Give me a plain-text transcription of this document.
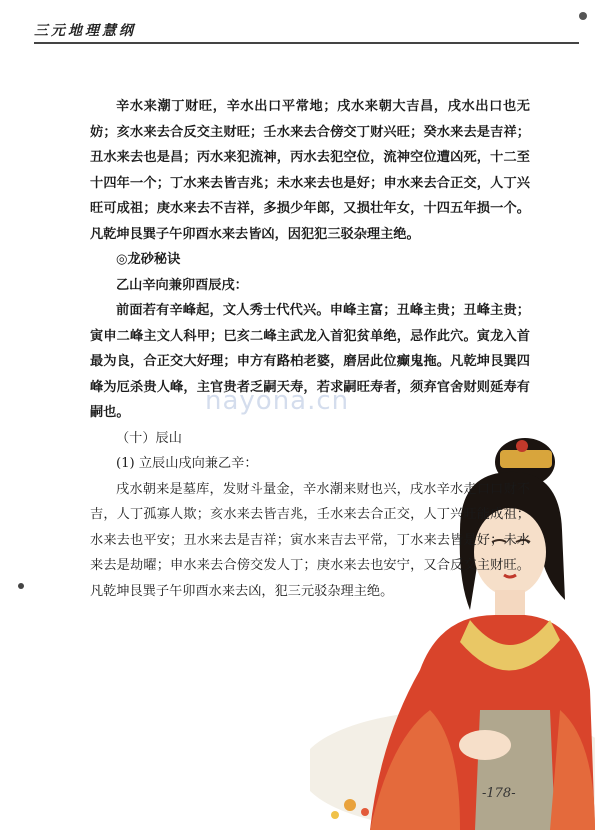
三元地理慧纲
nayona.cn

辛水来潮丁财旺，辛水出口平常地；戌水来朝大吉昌，戌水出口也无妨；亥水来去合反交主财旺；壬水来去合傍交丁财兴旺；癸水来去是吉祥；丑水来去也是昌；丙水来犯流神，丙水去犯空位，流神空位遭凶死，十二至十四年一个；丁水来去皆吉兆；未水来去也是好；申水来去合正交，人丁兴旺可成祖；庚水来去不吉祥，多损少年郎，又损壮年女，十四五年损一个。凡乾坤艮巽子午卯酉水来去皆凶，因犯犯三驳杂理主绝。

◎龙砂秘诀

乙山辛向兼卯酉辰戌：

前面若有辛峰起，文人秀士代代兴。申峰主富；丑峰主贵；丑峰主贵；寅申二峰主文人科甲；巳亥二峰主武龙入首犯贫单绝，忌作此穴。寅龙入首最为良，合正交大好理；申方有路柏老婆，磨居此位癫鬼拖。凡乾坤艮巽四峰为厄杀贵人峰，主官贵者乏嗣天寿，若求嗣旺寿者，须弃官舍财则延寿有嗣也。

（十）辰山

(1) 立辰山戌向兼乙辛：

戌水朝来是墓库，发财斗量金，辛水潮来财也兴，戌水辛水走口口财不吉，人丁孤寡人欺；亥水来去皆吉兆，壬水来去合正交，人丁兴旺能成祖；水来去也平安；丑水来去是吉祥；寅水来吉去平常，丁水来去皆是好；未水来去是劫曜；申水来去合傍交发人丁；庚水来去也安宁，又合反交主财旺。凡乾坤艮巽子午卯酉水来去凶，犯三元驳杂理主绝。

-178-
